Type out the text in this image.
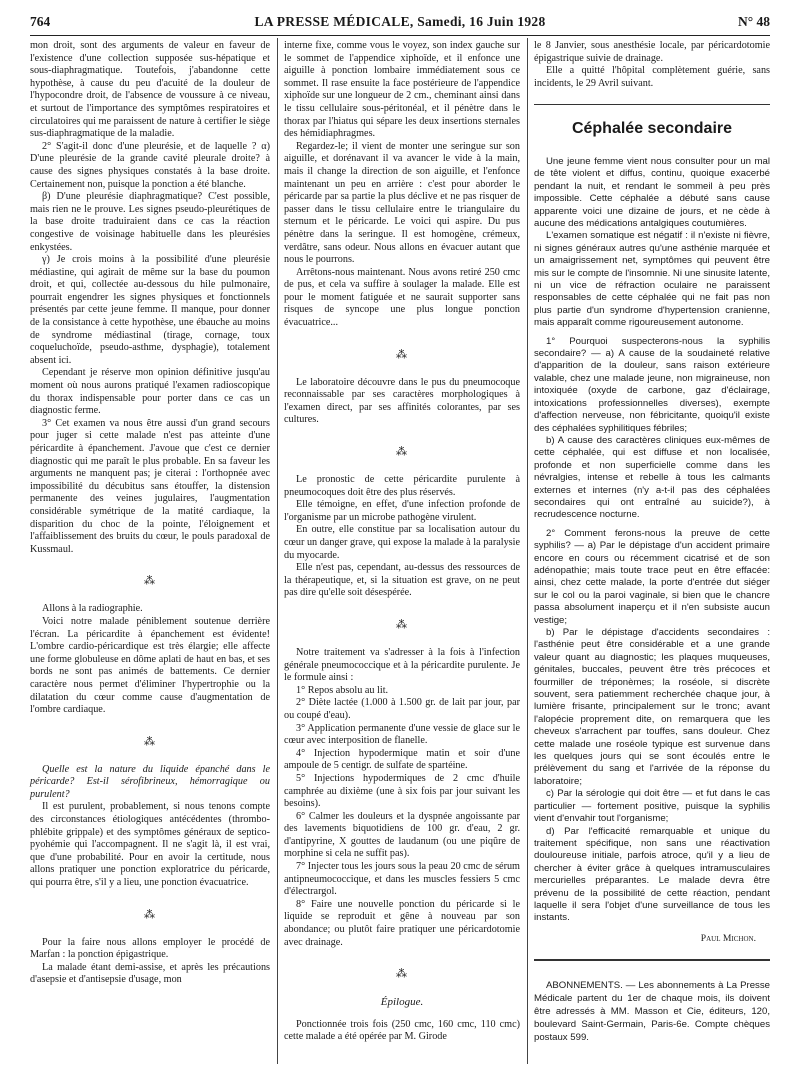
764	LA PRESSE MÉDICALE, Samedi, 16 Juin 1928	N° 48

mon droit, sont des arguments de valeur en faveur de l'existence d'une collection supposée sus-hépatique et sous-diaphragmatique. Toutefois, j'abandonne cette hypothèse, à cause du peu d'acuité de la douleur de l'hypocondre droit, de l'absence de voussure à ce niveau, et surtout de l'importance des symptômes respiratoires et circulatoires qui me paraissent de nature à certifier le siège sus-diaphragmatique de la maladie.

2° S'agit-il donc d'une pleurésie, et de laquelle ? α) D'une pleurésie de la grande cavité pleurale droite? à cause des signes physiques constatés à la base droite. Certainement non, puisque la ponction a été blanche.

β) D'une pleurésie diaphragmatique? C'est possible, mais rien ne le prouve. Les signes pseudo-pleurétiques de la base droite traduiraient dans ce cas la réaction congestive de voisinage habituelle dans les pleurésies enkystées.

γ) Je crois moins à la possibilité d'une pleurésie médiastine, qui agirait de même sur la base du poumon droit, et qui, collectée au-dessous du hile pulmonaire, pourrait engendrer les signes physiques et fonctionnels présentés par cette jeune femme. Il manque, pour donner de la consistance à cette hypothèse, une ébauche au moins de syndrome médiastinal (tirage, cornage, toux coqueluchoïde, pseudo-asthme, dysphagie), totalement absent ici.

Cependant je réserve mon opinion définitive jusqu'au moment où nous aurons pratiqué l'examen radioscopique du thorax indispensable pour porter dans ce cas un diagnostic ferme.

3° Cet examen va nous être aussi d'un grand secours pour juger si cette malade n'est pas atteinte d'une péricardite à épanchement. J'avoue que c'est ce dernier diagnostic qui me paraît le plus probable. En sa faveur les arguments ne manquent pas; je citerai : l'orthopnée avec impossibilité du décubitus sans étouffer, la distension permanente des veines jugulaires, l'augmentation considérable symétrique de la matité cardiaque, la disparition du choc de la pointe, l'éloignement et l'affaiblissement des bruits du cœur, le pouls paradoxal de Kussmaul.

⁂

Allons à la radiographie.

Voici notre malade péniblement soutenue derrière l'écran. La péricardite à épanchement est évidente! L'ombre cardio-péricardique est très élargie; elle affecte une forme globuleuse en dôme aplati de haut en bas, et ses bords ne sont pas animés de battements. Ce dernier caractère nous permet d'éliminer l'hypertrophie ou la dilatation du cœur comme cause d'augmentation de l'ombre cardiaque.

⁂

Quelle est la nature du liquide épanché dans le péricarde? Est-il sérofibrineux, hémorragique ou purulent?

Il est purulent, probablement, si nous tenons compte des circonstances étiologiques antécédentes (thrombo-phlébite grippale) et des symptômes généraux de septico-pyohémie qui l'accompagnent. Il ne s'agit là, il est vrai, que d'une probabilité. Pour en avoir la certitude, nous allons pratiquer une ponction exploratrice du péricarde, qui pourra être, s'il y a lieu, une ponction évacuatrice.

⁂

Pour la faire nous allons employer le procédé de Marfan : la ponction épigastrique.

La malade étant demi-assise, et après les précautions d'asepsie et d'antisepsie d'usage, mon

interne fixe, comme vous le voyez, son index gauche sur le sommet de l'appendice xiphoïde, et il enfonce une aiguille à ponction lombaire immédiatement sous ce sommet. Il rase ensuite la face postérieure de l'appendice xiphoïde sur une longueur de 2 cm., cheminant ainsi dans le tissu cellulaire sous-péritonéal, et il pénètre dans le thorax par l'hiatus qui sépare les deux insertions sternales des hémidiaphragmes.

Regardez-le; il vient de monter une seringue sur son aiguille, et dorénavant il va avancer le vide à la main, mais il change la direction de son aiguille, et l'enfonce maintenant un peu en arrière : c'est pour aborder le péricarde par sa partie la plus déclive et ne pas risquer de passer dans le tissu cellulaire entre le triangulaire du sternum et le péricarde. Le voici qui aspire. Du pus pénètre dans la seringue. Il est homogène, crémeux, verdâtre, sans odeur. Nous allons en évacuer autant que nous le pourrons.

Arrêtons-nous maintenant. Nous avons retiré 250 cmc de pus, et cela va suffire à soulager la malade. Elle est pour le moment fatiguée et ne saurait supporter sans risques de syncope une plus longue ponction évacuatrice...

⁂

Le laboratoire découvre dans le pus du pneumocoque reconnaissable par ses caractères morphologiques à l'examen direct, par ses affinités colorantes, par ses cultures.

⁂

Le pronostic de cette péricardite purulente à pneumocoques doit être des plus réservés.

Elle témoigne, en effet, d'une infection profonde de l'organisme par un microbe pathogène virulent.

En outre, elle constitue par sa localisation autour du cœur un danger grave, qui expose la malade à la paralysie du myocarde.

Elle n'est pas, cependant, au-dessus des ressources de la thérapeutique, et, si la situation est grave, on ne peut pas dire qu'elle soit désespérée.

⁂

Notre traitement va s'adresser à la fois à l'infection générale pneumococcique et à la péricardite purulente. Je le formule ainsi :

1° Repos absolu au lit.

2° Diète lactée (1.000 à 1.500 gr. de lait par jour, par ou coupé d'eau).

3° Application permanente d'une vessie de glace sur le cœur avec interposition de flanelle.

4° Injection hypodermique matin et soir d'une ampoule de 5 centigr. de sulfate de spartéine.

5° Injections hypodermiques de 2 cmc d'huile camphrée au dixième (une à six fois par jour suivant les besoins).

6° Calmer les douleurs et la dyspnée angoissante par des lavements biquotidiens de 100 gr. d'eau, 2 gr. d'antipyrine, X gouttes de laudanum (ou une piqûre de morphine si cela ne suffit pas).

7° Injecter tous les jours sous la peau 20 cmc de sérum antipneumococcique, et dans les muscles fessiers 5 cmc d'électrargol.

8° Faire une nouvelle ponction du péricarde si le liquide se reproduit et gêne à nouveau par son abondance; ou plutôt faire pratiquer une péricardotomie avec drainage.

⁂
Épilogue.

Ponctionnée trois fois (250 cmc, 160 cmc, 110 cmc) cette malade a été opérée par M. Girode

le 8 Janvier, sous anesthésie locale, par péricardotomie épigastrique suivie de drainage.

Elle a quitté l'hôpital complètement guérie, sans incidents, le 29 Avril suivant.

Céphalée secondaire

Une jeune femme vient nous consulter pour un mal de tête violent et diffus, continu, quoique exacerbé pendant la nuit, et rendant le sommeil à peu près impossible. Cette céphalée a débuté sans cause apparente voici une dizaine de jours, et ne cède à aucune des médications antalgiques coutumières.

L'examen somatique est négatif : il n'existe ni fièvre, ni signes généraux autres qu'une asthénie marquée et un amaigrissement net, symptômes qui peuvent être mis sur le compte de l'insomnie. Ni une sinusite latente, ni un vice de réfraction oculaire ne paraissent responsables de cette céphalée qui ne fait pas non plus partie d'un syndrome d'hypertension cranienne, mais apparaît comme rigoureusement autonome.

1° Pourquoi suspecterons-nous la syphilis secondaire? — a) A cause de la soudaineté relative d'apparition de la douleur, sans raison extérieure valable, chez une malade jeune, non migraineuse, non intoxiquée (oxyde de carbone, gaz d'éclairage, intoxications professionnelles diverses), exempte d'affection nerveuse, non fébricitante, quoiqu'il existe des céphalées syphilitiques fébriles;

b) A cause des caractères cliniques eux-mêmes de cette céphalée, qui est diffuse et non localisée, profonde et non superficielle comme dans les névralgies, intense et rebelle à tous les calmants externes et internes (n'y a-t-il pas des céphalées secondaires qui ont entraîné au suicide?), à recrudescence nocturne.

2° Comment ferons-nous la preuve de cette syphilis? — a) Par le dépistage d'un accident primaire encore en cours ou récemment cicatrisé et de son adénopathie; mais toute trace peut en être effacée: ainsi, chez cette malade, la porte d'entrée dut siéger sur le col ou la paroi vaginale, si bien que le chancre passa absolument inaperçu et il n'en subsiste aucun vestige;

b) Par le dépistage d'accidents secondaires : l'asthénie peut être considérable et a une grande valeur quant au diagnostic; les plaques muqueuses, génitales, buccales, peuvent être très précoces et fourmiller de tréponèmes; la roséole, si discrète souvent, sera patiemment recherchée chaque jour, à lumière frisante, principalement sur le tronc; avant l'alopécie proprement dite, on remarquera que les cheveux s'arrachent par touffes, sans douleur. Chez cette malade une roséole typique est survenue dans les quelques jours qui se sont écoulés entre le prélèvement du sang et l'arrivée de la réponse du laboratoire;

c) Par la sérologie qui doit être — et fut dans le cas particulier — fortement positive, puisque la syphilis vient d'envahir tout l'organisme;

d) Par l'efficacité remarquable et unique du traitement spécifique, non sans une réactivation douloureuse initiale, parfois atroce, qu'il y a lieu de chercher à éviter grâce à quelques intramusculaires mercurielles préparantes. Le malade devra être prévenu de la possibilité de cette réaction, pendant laquelle il sera l'objet d'une surveillance de tous les instants.

Paul Michon.

ABONNEMENTS. — Les abonnements à La Presse Médicale partent du 1er de chaque mois, ils doivent être adressés à MM. Masson et Cie, éditeurs, 120, boulevard Saint-Germain, Paris-6e. Compte chèques postaux 599.
